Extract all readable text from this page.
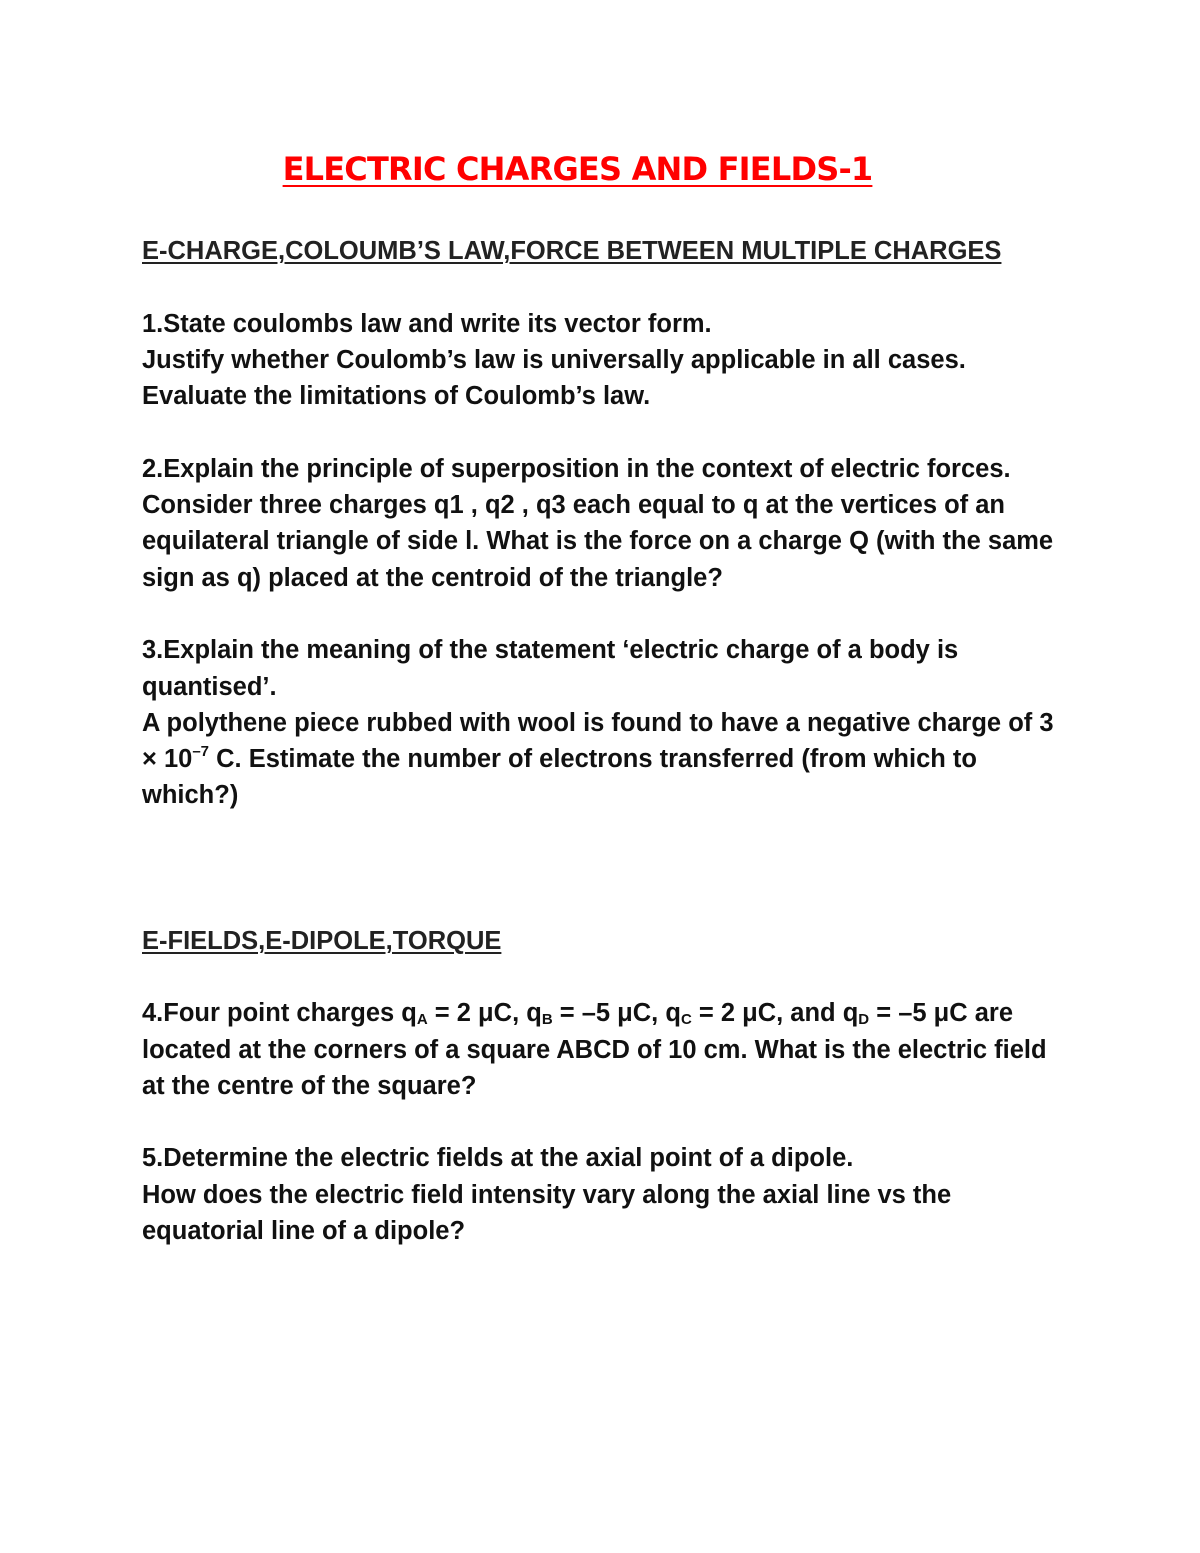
ELECTRIC CHARGES AND FIELDS-1
E-CHARGE,COLOUMB’S LAW,FORCE BETWEEN MULTIPLE CHARGES

1.State coulombs law and write its vector form.
Justify whether Coulomb’s law is universally applicable in all cases.
Evaluate the limitations of Coulomb’s law.

2.Explain the principle of superposition in the context of electric forces.
Consider three charges q1 , q2 , q3 each equal to q at the vertices of an equilateral triangle of side l. What is the force on a charge Q (with the same sign as q) placed at the centroid of the triangle?

3.Explain the meaning of the statement ‘electric charge of a body is quantised’.
A polythene piece rubbed with wool is found to have a negative charge of $3 \times 10^{-7}$ C. Estimate the number of electrons transferred (from which to which?)

E-FIELDS,E-DIPOLE,TORQUE

4.Four point charges $q_A = 2$ μC, $q_B = -5$ μC, $q_C = 2$ μC, and $q_D = -5$ μC are located at the corners of a square ABCD of 10 cm. What is the electric field at the centre of the square?

5.Determine the electric fields at the axial point of a dipole.
How does the electric field intensity vary along the axial line vs the equatorial line of a dipole?
